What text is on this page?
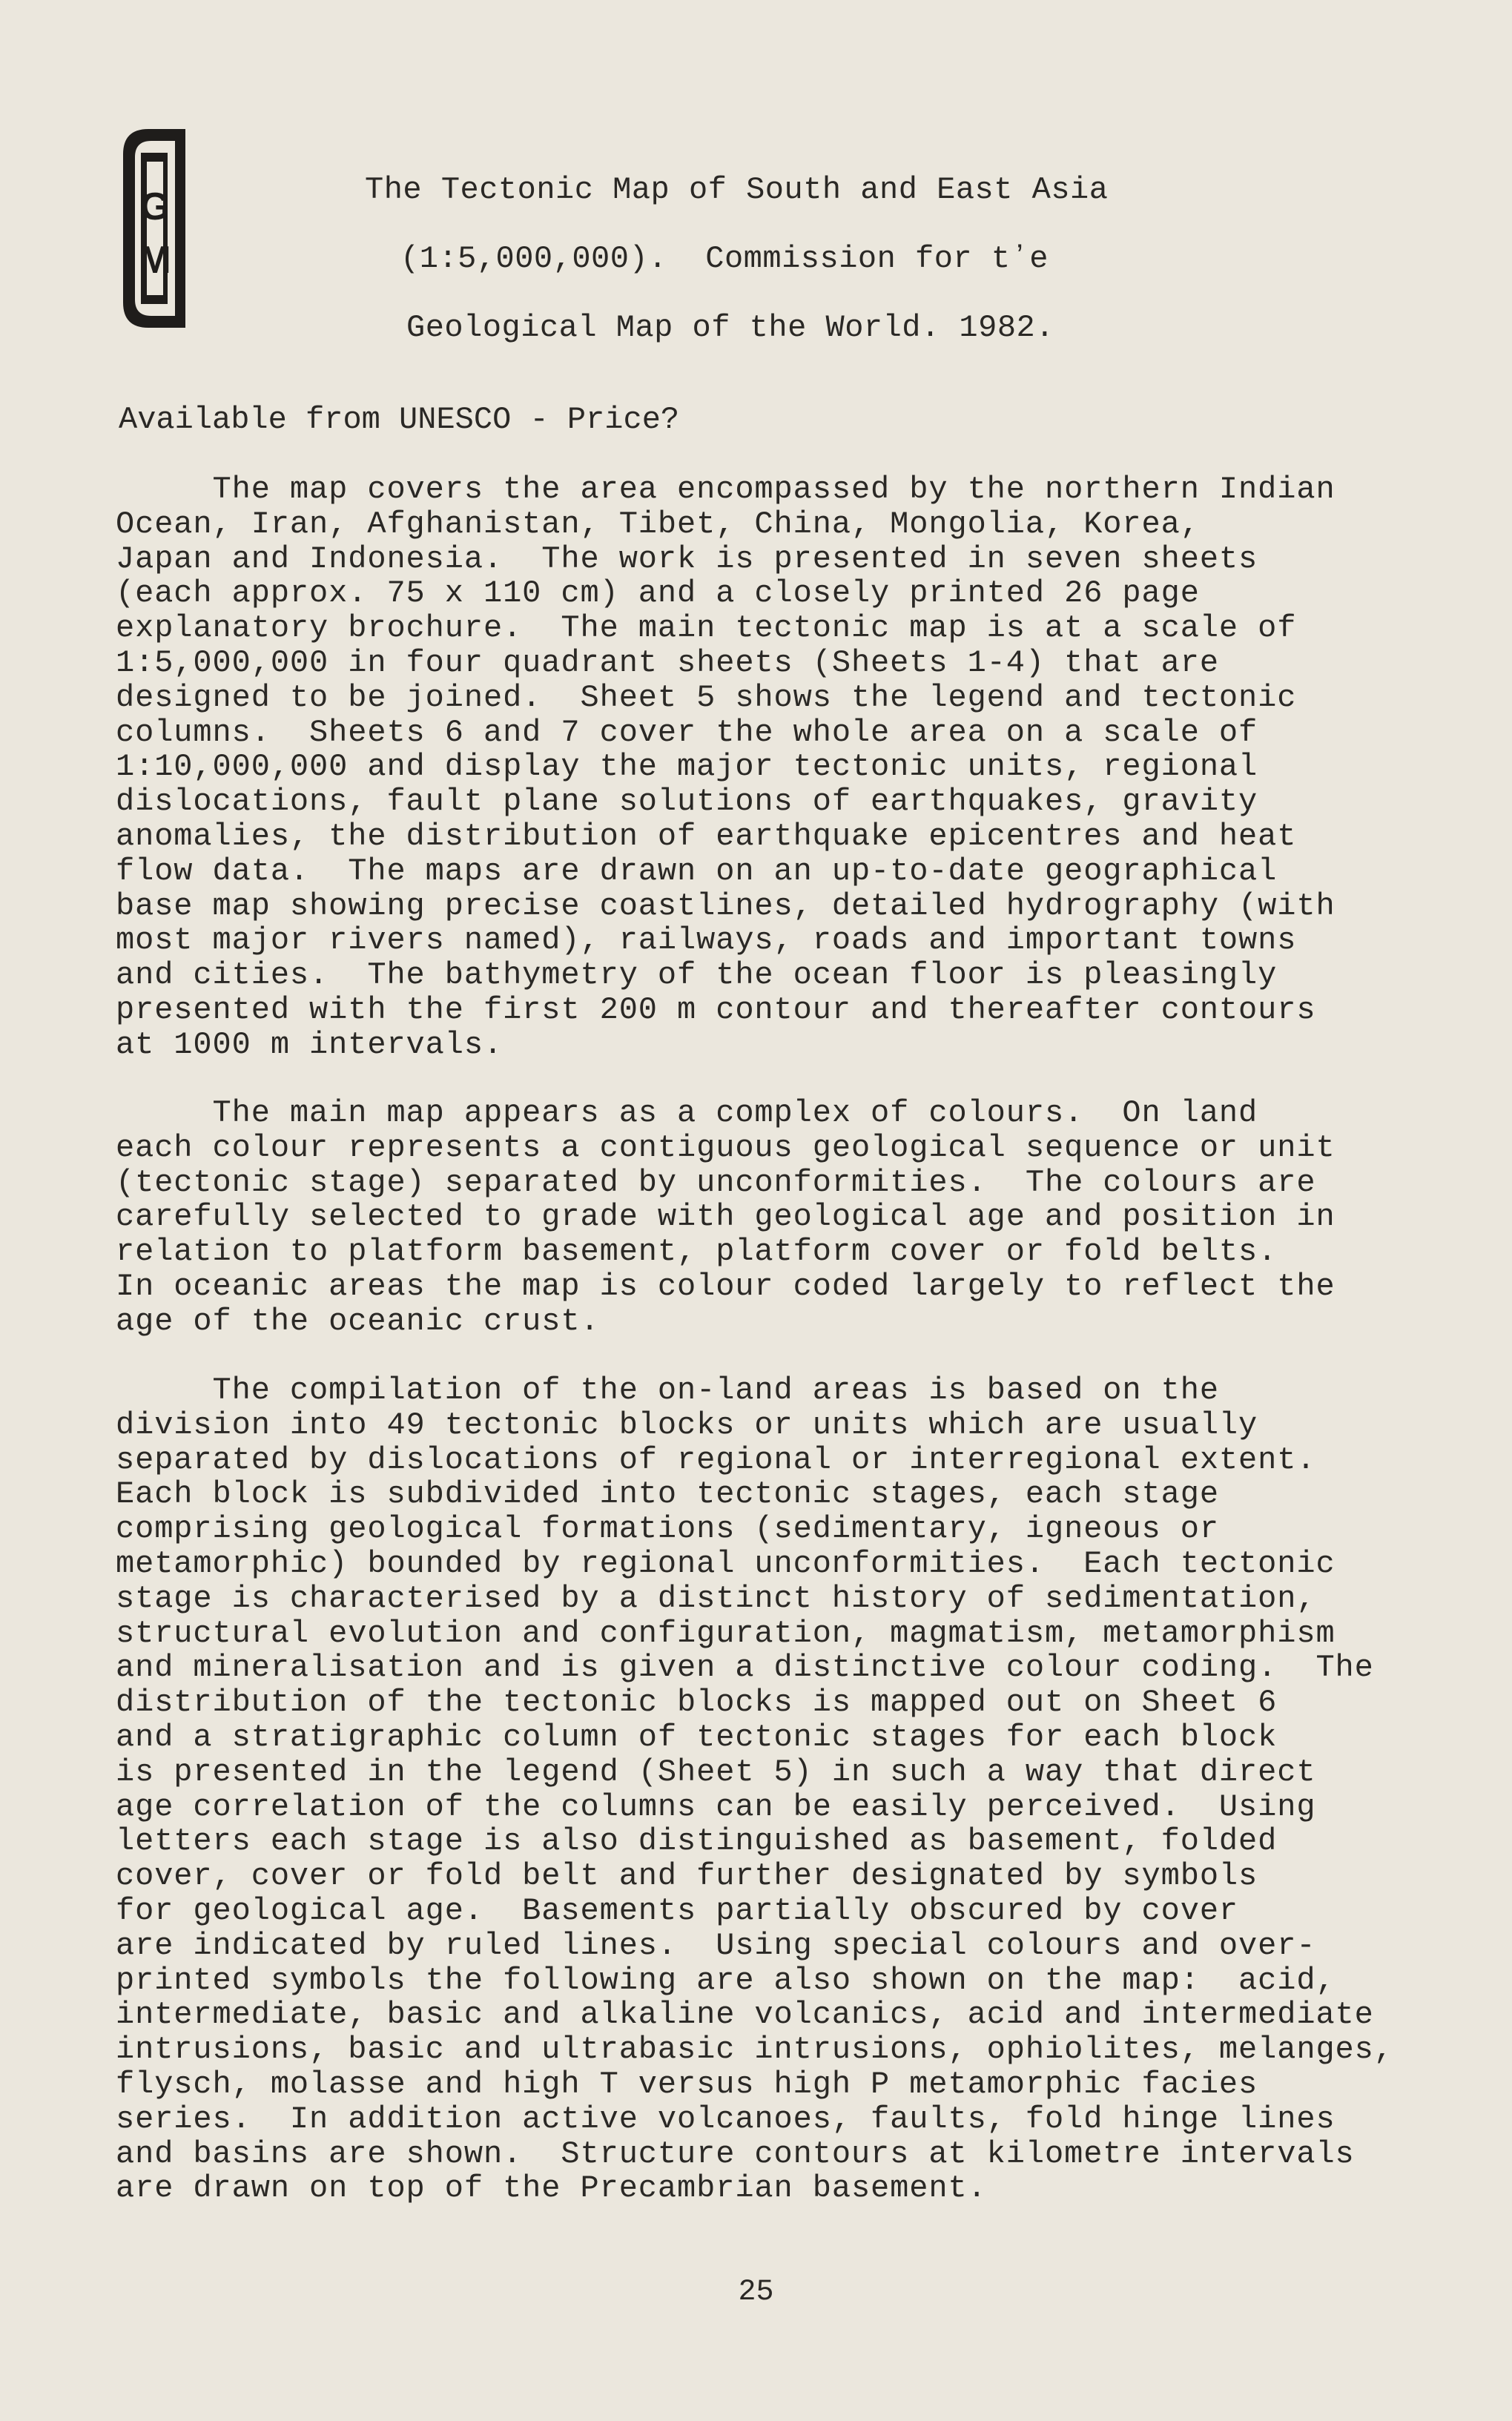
G
M
The Tectonic Map of South and East Asia
(1:5,000,000).  Commission for tʼe
Geological Map of the World. 1982.
Available from UNESCO - Price?
The map covers the area encompassed by the northern Indian
Ocean, Iran, Afghanistan, Tibet, China, Mongolia, Korea,
Japan and Indonesia.  The work is presented in seven sheets
(each approx. 75 x 110 cm) and a closely printed 26 page
explanatory brochure.  The main tectonic map is at a scale of
1:5,000,000 in four quadrant sheets (Sheets 1-4) that are
designed to be joined.  Sheet 5 shows the legend and tectonic
columns.  Sheets 6 and 7 cover the whole area on a scale of
1:10,000,000 and display the major tectonic units, regional
dislocations, fault plane solutions of earthquakes, gravity
anomalies, the distribution of earthquake epicentres and heat
flow data.  The maps are drawn on an up-to-date geographical
base map showing precise coastlines, detailed hydrography (with
most major rivers named), railways, roads and important towns
and cities.  The bathymetry of the ocean floor is pleasingly
presented with the first 200 m contour and thereafter contours
at 1000 m intervals.
The main map appears as a complex of colours.  On land
each colour represents a contiguous geological sequence or unit
(tectonic stage) separated by unconformities.  The colours are
carefully selected to grade with geological age and position in
relation to platform basement, platform cover or fold belts.
In oceanic areas the map is colour coded largely to reflect the
age of the oceanic crust.
The compilation of the on-land areas is based on the
division into 49 tectonic blocks or units which are usually
separated by dislocations of regional or interregional extent.
Each block is subdivided into tectonic stages, each stage
comprising geological formations (sedimentary, igneous or
metamorphic) bounded by regional unconformities.  Each tectonic
stage is characterised by a distinct history of sedimentation,
structural evolution and configuration, magmatism, metamorphism
and mineralisation and is given a distinctive colour coding.  The
distribution of the tectonic blocks is mapped out on Sheet 6
and a stratigraphic column of tectonic stages for each block
is presented in the legend (Sheet 5) in such a way that direct
age correlation of the columns can be easily perceived.  Using
letters each stage is also distinguished as basement, folded
cover, cover or fold belt and further designated by symbols
for geological age.  Basements partially obscured by cover
are indicated by ruled lines.  Using special colours and over-
printed symbols the following are also shown on the map:  acid,
intermediate, basic and alkaline volcanics, acid and intermediate
intrusions, basic and ultrabasic intrusions, ophiolites, melanges,
flysch, molasse and high T versus high P metamorphic facies
series.  In addition active volcanoes, faults, fold hinge lines
and basins are shown.  Structure contours at kilometre intervals
are drawn on top of the Precambrian basement.
25
